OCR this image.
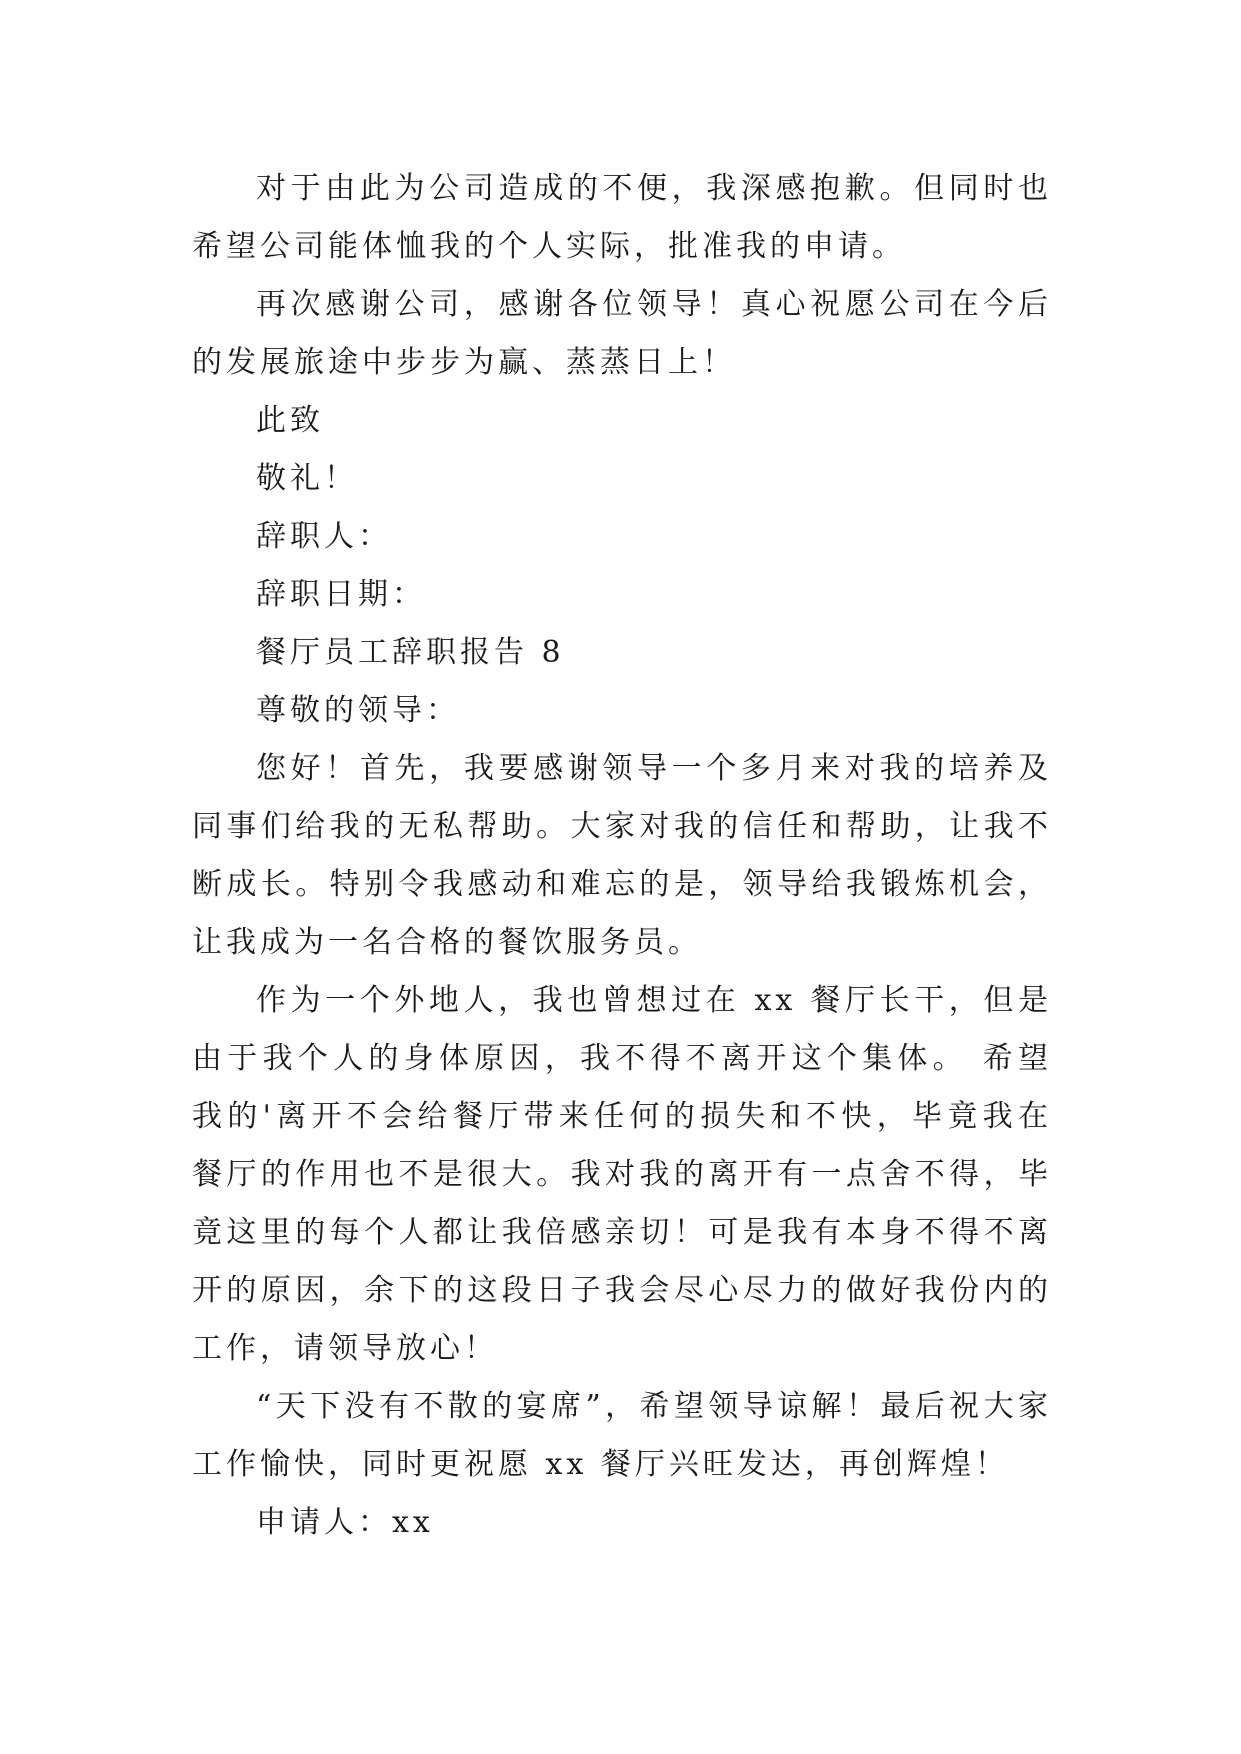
对于由此为公司造成的不便，我深感抱歉。但同时也希望公司能体恤我的个人实际，批准我的申请。

再次感谢公司，感谢各位领导！真心祝愿公司在今后的发展旅途中步步为赢、蒸蒸日上！

此致

敬礼！

辞职人：

辞职日期：

餐厅员工辞职报告 8

尊敬的领导：

您好！首先，我要感谢领导一个多月来对我的培养及同事们给我的无私帮助。大家对我的信任和帮助，让我不断成长。特别令我感动和难忘的是，领导给我锻炼机会，让我成为一名合格的餐饮服务员。

作为一个外地人，我也曾想过在 xx 餐厅长干，但是由于我个人的身体原因，我不得不离开这个集体。 希望我的'离开不会给餐厅带来任何的损失和不快，毕竟我在餐厅的作用也不是很大。我对我的离开有一点舍不得，毕竟这里的每个人都让我倍感亲切！可是我有本身不得不离开的原因，余下的这段日子我会尽心尽力的做好我份内的工作，请领导放心！

“天下没有不散的宴席”，希望领导谅解！最后祝大家工作愉快，同时更祝愿 xx 餐厅兴旺发达，再创辉煌！

申请人：xx
